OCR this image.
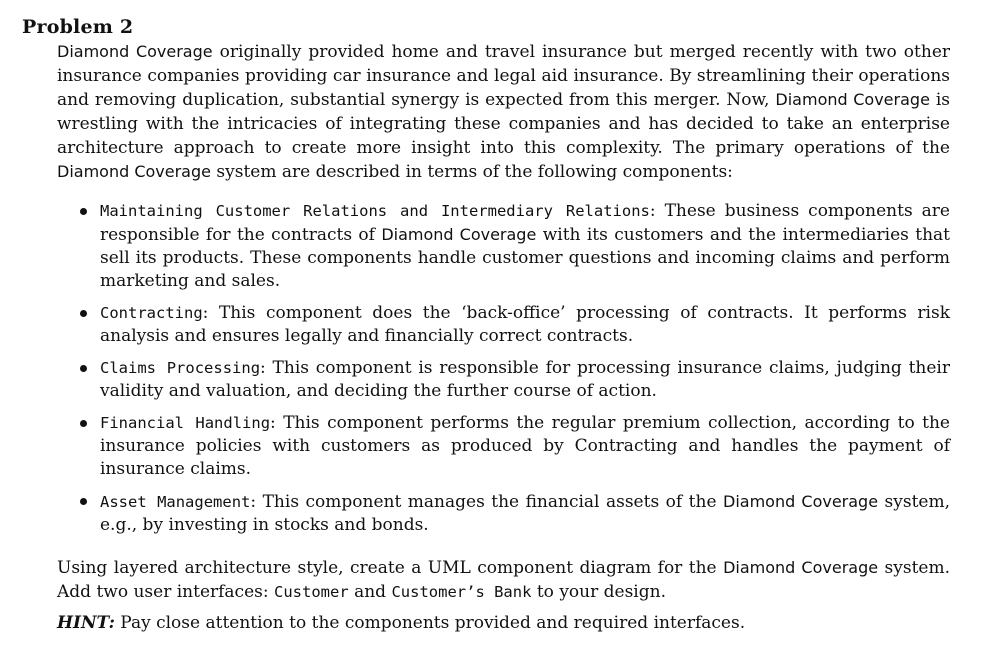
Problem 2
Diamond Coverage originally provided home and travel insurance but merged recently with two other insurance companies providing car insurance and legal aid insurance. By streamlining their operations and removing duplication, substantial synergy is expected from this merger. Now, Diamond Coverage is wrestling with the intricacies of integrating these companies and has decided to take an enterprise architecture approach to create more insight into this complexity. The primary operations of the Diamond Coverage system are described in terms of the following components:
Maintaining Customer Relations and Intermediary Relations: These business components are responsible for the contracts of Diamond Coverage with its customers and the intermediaries that sell its products. These components handle customer questions and incoming claims and perform marketing and sales.
Contracting: This component does the ‘back-office’ processing of contracts. It performs risk analysis and ensures legally and financially correct contracts.
Claims Processing: This component is responsible for processing insurance claims, judging their validity and valuation, and deciding the further course of action.
Financial Handling: This component performs the regular premium collection, according to the insurance policies with customers as produced by Contracting and handles the payment of insurance claims.
Asset Management: This component manages the financial assets of the Diamond Coverage system, e.g., by investing in stocks and bonds.
Using layered architecture style, create a UML component diagram for the Diamond Coverage system. Add two user interfaces: Customer and Customer’s Bank to your design.
HINT: Pay close attention to the components provided and required interfaces.
